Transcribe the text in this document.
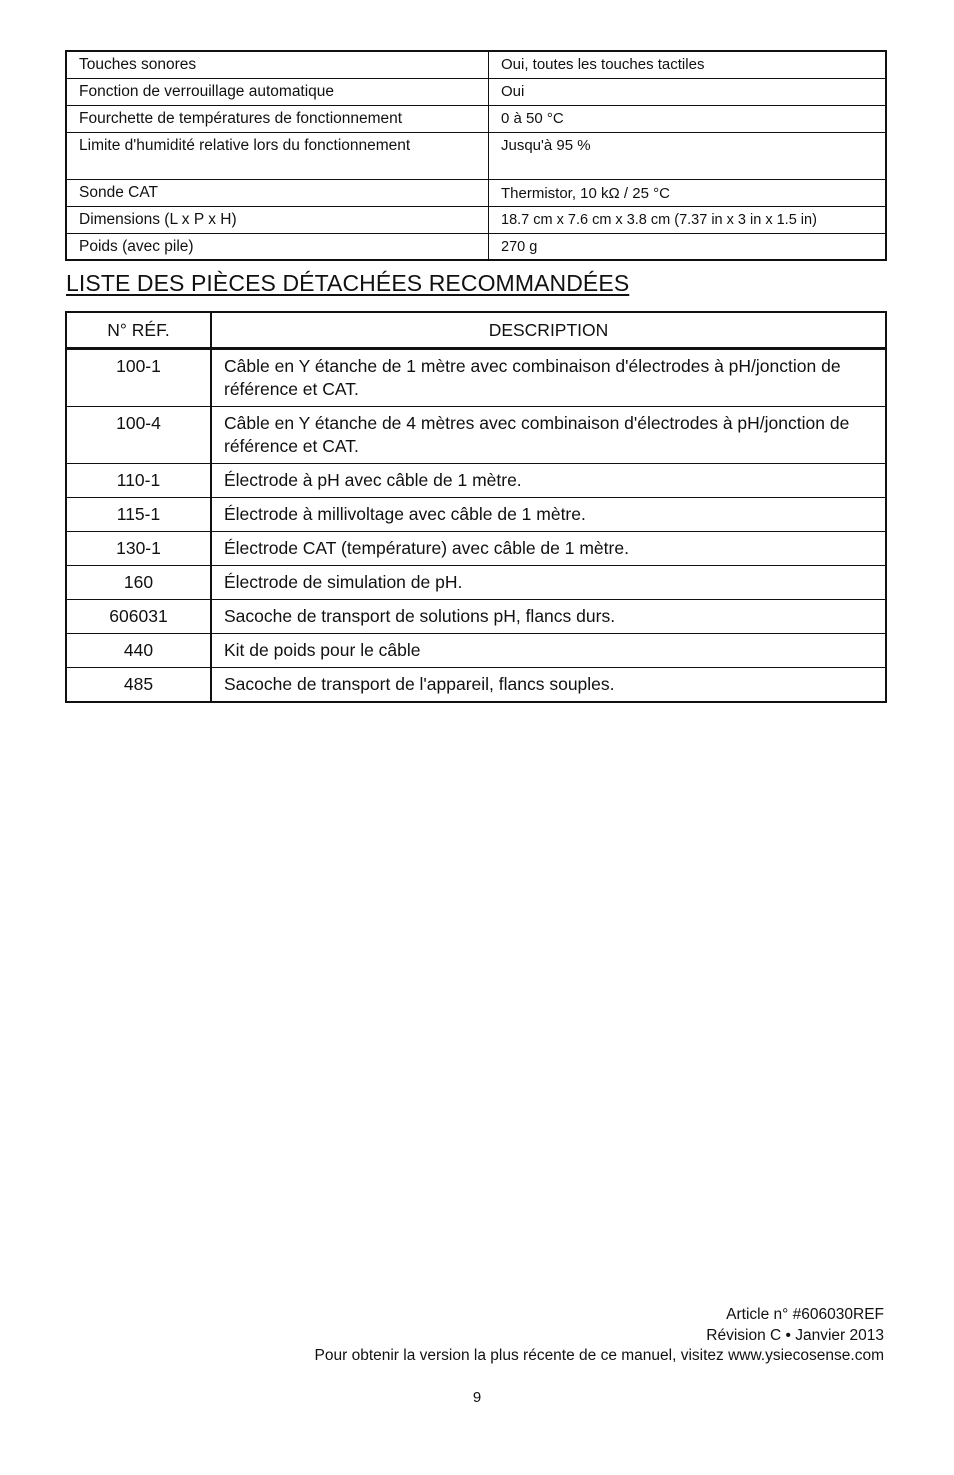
Touches sonores	Oui, toutes les touches tactiles
Fonction de verrouillage automatique	Oui
Fourchette de températures de fonctionnement	0 à 50 °C
Limite d'humidité relative lors du fonctionnement	Jusqu'à 95 %
Sonde CAT	Thermistor, 10 kΩ / 25 °C
Dimensions (L x P x H)	18.7 cm x 7.6 cm x 3.8 cm (7.37 in x 3 in x 1.5 in)
Poids (avec pile)	270 g
LISTE DES PIÈCES DÉTACHÉES RECOMMANDÉES
N° RÉF.	DESCRIPTION
100-1	Câble en Y étanche de 1 mètre avec combinaison d'électrodes à pH/jonction de référence et CAT.
100-4	Câble en Y étanche de 4 mètres avec combinaison d'électrodes à pH/jonction de référence et CAT.
110-1	Électrode à pH avec câble de 1 mètre.
115-1	Électrode à millivoltage avec câble de 1 mètre.
130-1	Électrode CAT (température) avec câble de 1 mètre.
160	Électrode de simulation de pH.
606031	Sacoche de transport de solutions pH, flancs durs.
440	Kit de poids pour le câble
485	Sacoche de transport de l'appareil, flancs souples.
Article n° #606030REF
Révision C • Janvier 2013
Pour obtenir la version la plus récente de ce manuel, visitez www.ysiecosense.com
9
